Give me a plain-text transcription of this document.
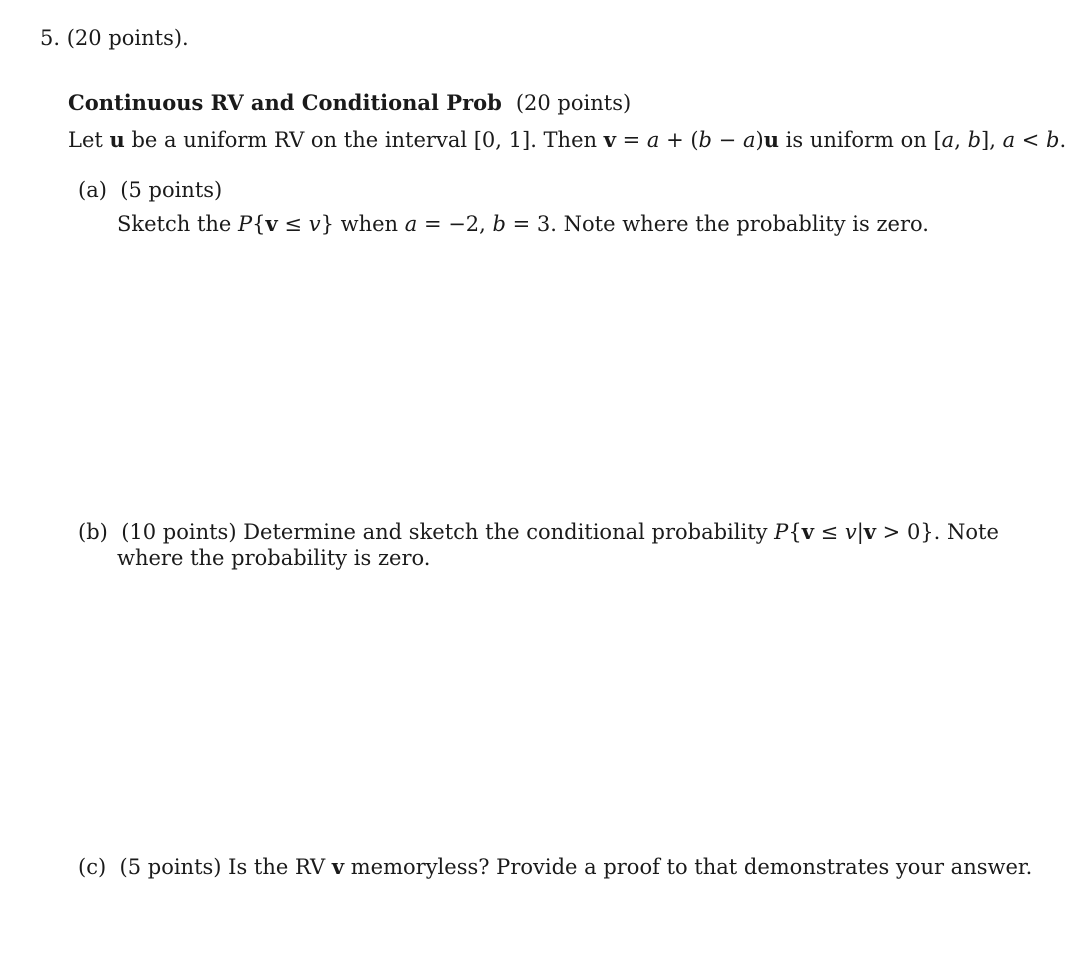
5. (20 points).
Continuous RV and Conditional Prob (20 points)
Let u be a uniform RV on the interval [0, 1]. Then v = a + (b − a)u is uniform on [a, b], a < b.
(a) (5 points)
Sketch the P{v ≤ v} when a = −2, b = 3. Note where the probablity is zero.
(b) (10 points) Determine and sketch the conditional probability P{v ≤ v|v > 0}. Note
where the probability is zero.
(c) (5 points) Is the RV v memoryless? Provide a proof to that demonstrates your answer.
